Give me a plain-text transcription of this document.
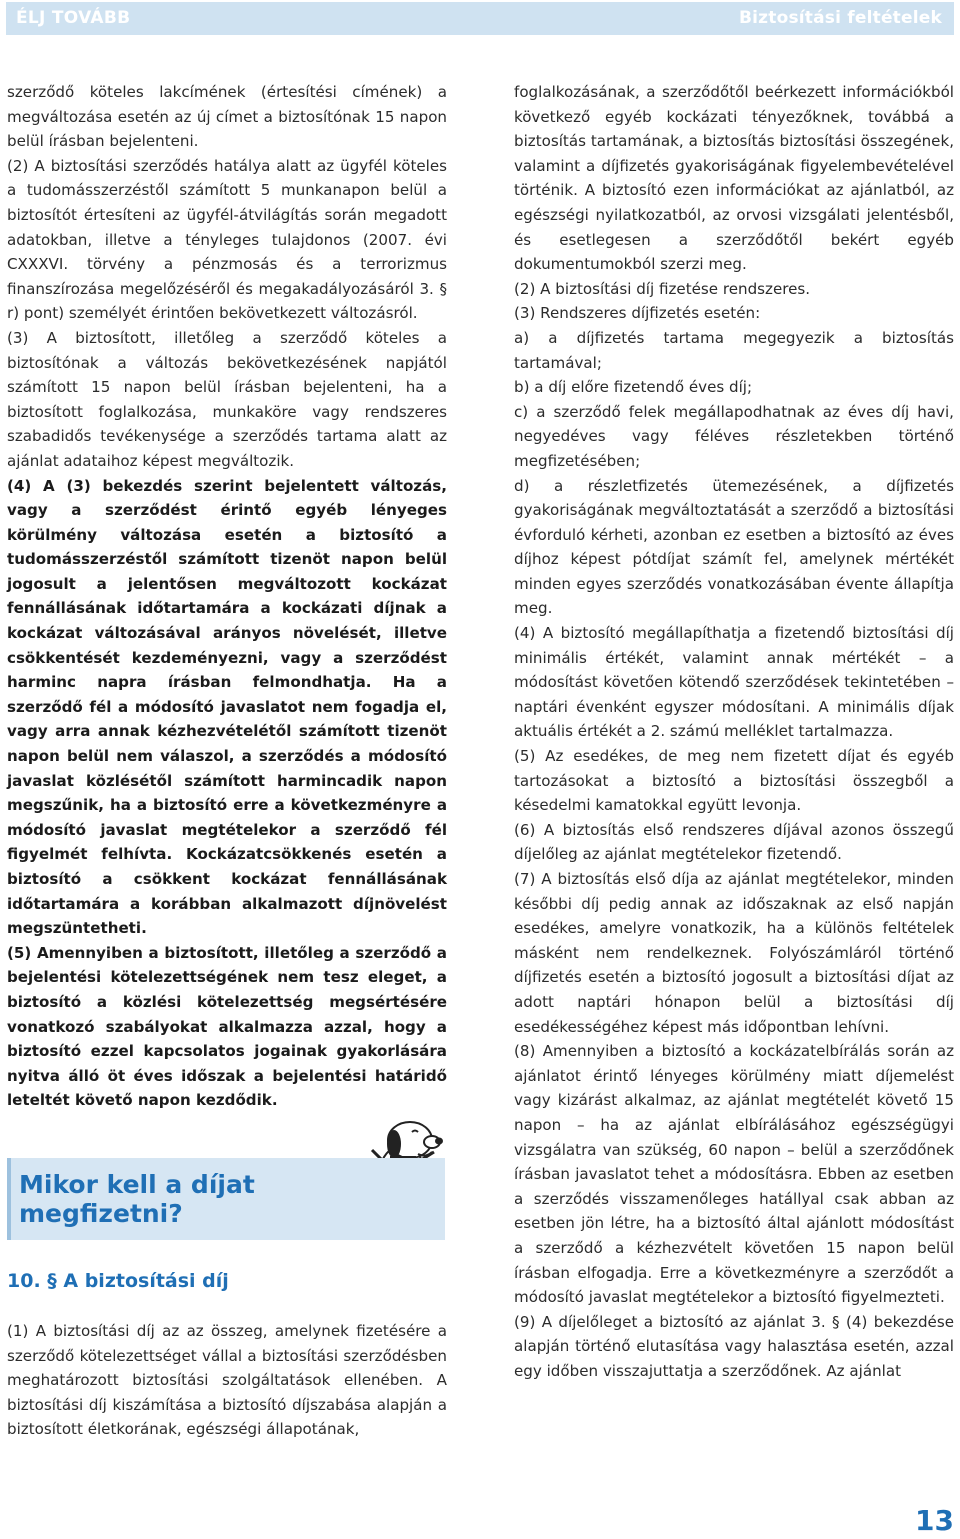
ÉLJ TOVÁBB	Biztosítási feltételek

szerződő köteles lakcímének (értesítési címének) a megváltozása esetén az új címet a biztosítónak 15 napon belül írásban bejelenteni.

(2) A biztosítási szerződés hatálya alatt az ügyfél köteles a tudomásszerzéstől számított 5 munkanapon belül a biztosítót értesíteni az ügyfél-átvilágítás során megadott adatokban, illetve a tényleges tulajdonos (2007. évi CXXXVI. törvény a pénzmosás és a terrorizmus finanszírozása megelőzéséről és megakadályozásáról 3. § r) pont) személyét érintően bekövetkezett változásról.

(3) A biztosított, illetőleg a szerződő köteles a biztosítónak a változás bekövetkezésének napjától számított 15 napon belül írásban bejelenteni, ha a biztosított foglalkozása, munkaköre vagy rendszeres szabadidős tevékenysége a szerződés tartama alatt az ajánlat adataihoz képest megváltozik.

(4) A (3) bekezdés szerint bejelentett változás, vagy a szerződést érintő egyéb lényeges körülmény változása esetén a biztosító a tudomásszerzéstől számított tizenöt napon belül jogosult a jelentősen megváltozott kockázat fennállásának időtartamára a kockázati díjnak a kockázat változásával arányos növelését, illetve csökkentését kezdeményezni, vagy a szerződést harminc napra írásban felmondhatja. Ha a szerződő fél a módosító javaslatot nem fogadja el, vagy arra annak kézhezvételétől számított tizenöt napon belül nem válaszol, a szerződés a módosító javaslat közlésétől számított harmincadik napon megszűnik, ha a biztosító erre a következményre a módosító javaslat megtételekor a szerződő fél figyelmét felhívta. Kockázatcsökkenés esetén a biztosító a csökkent kockázat fennállásának időtartamára a korábban alkalmazott díjnövelést megszüntetheti.

(5) Amennyiben a biztosított, illetőleg a szerződő a bejelentési kötelezettségének nem tesz eleget, a biztosító a közlési kötelezettség megsértésére vonatkozó szabályokat alkalmazza azzal, hogy a biztosító ezzel kapcsolatos jogainak gyakorlására nyitva álló öt éves időszak a bejelentési határidő leteltét követő napon kezdődik.

Mikor kell a díjat megfizetni?
10. § A biztosítási díj

(1) A biztosítási díj az az összeg, amelynek fizetésére a szerződő kötelezettséget vállal a biztosítási szerződésben meghatározott biztosítási szolgáltatások ellenében. A biztosítási díj kiszámítása a biztosító díjszabása alapján a biztosított életkorának, egészségi állapotának,

foglalkozásának, a szerződőtől beérkezett információkból következő egyéb kockázati tényezőknek, továbbá a biztosítás tartamának, a biztosítás biztosítási összegének, valamint a díjfizetés gyakoriságának figyelembevételével történik. A biztosító ezen információkat az ajánlatból, az egészségi nyilatkozatból, az orvosi vizsgálati jelentésből, és esetlegesen a szerződőtől bekért egyéb dokumentumokból szerzi meg.

(2) A biztosítási díj fizetése rendszeres.

(3) Rendszeres díjfizetés esetén:

a) a díjfizetés tartama megegyezik a biztosítás tartamával;

b) a díj előre fizetendő éves díj;

c) a szerződő felek megállapodhatnak az éves díj havi, negyedéves vagy féléves részletekben történő megfizetésében;

d) a részletfizetés ütemezésének, a díjfizetés gyakoriságának megváltoztatását a szerződő a biztosítási évforduló kérheti, azonban ez esetben a biztosító az éves díjhoz képest pótdíjat számít fel, amelynek mértékét minden egyes szerződés vonatkozásában évente állapítja meg.

(4) A biztosító megállapíthatja a fizetendő biztosítási díj minimális értékét, valamint annak mértékét – a módosítást követően kötendő szerződések tekintetében – naptári évenként egyszer módosítani. A minimális díjak aktuális értékét a 2. számú melléklet tartalmazza.

(5) Az esedékes, de meg nem fizetett díjat és egyéb tartozásokat a biztosító a biztosítási összegből a késedelmi kamatokkal együtt levonja.

(6) A biztosítás első rendszeres díjával azonos összegű díjelőleg az ajánlat megtételekor fizetendő.

(7) A biztosítás első díja az ajánlat megtételekor, minden későbbi díj pedig annak az időszaknak az első napján esedékes, amelyre vonatkozik, ha a különös feltételek másként nem rendelkeznek. Folyószámláról történő díjfizetés esetén a biztosító jogosult a biztosítási díjat az adott naptári hónapon belül a biztosítási díj esedékességéhez képest más időpontban lehívni.

(8) Amennyiben a biztosító a kockázatelbírálás során az ajánlatot érintő lényeges körülmény miatt díjemelést vagy kizárást alkalmaz, az ajánlat megtételét követő 15 napon – ha az ajánlat elbírálásához egészségügyi vizsgálatra van szükség, 60 napon – belül a szerződőnek írásban javaslatot tehet a módosításra. Ebben az esetben a szerződés visszamenőleges hatállyal csak abban az esetben jön létre, ha a biztosító által ajánlott módosítást a szerződő a kézhezvételt követően 15 napon belül írásban elfogadja. Erre a következményre a szerződőt a módosító javaslat megtételekor a biztosító figyelmezteti.

(9) A díjelőleget a biztosító az ajánlat 3. § (4) bekezdése alapján történő elutasítása vagy halasztása esetén, azzal egy időben visszajuttatja a szerződőnek. Az ajánlat

13
